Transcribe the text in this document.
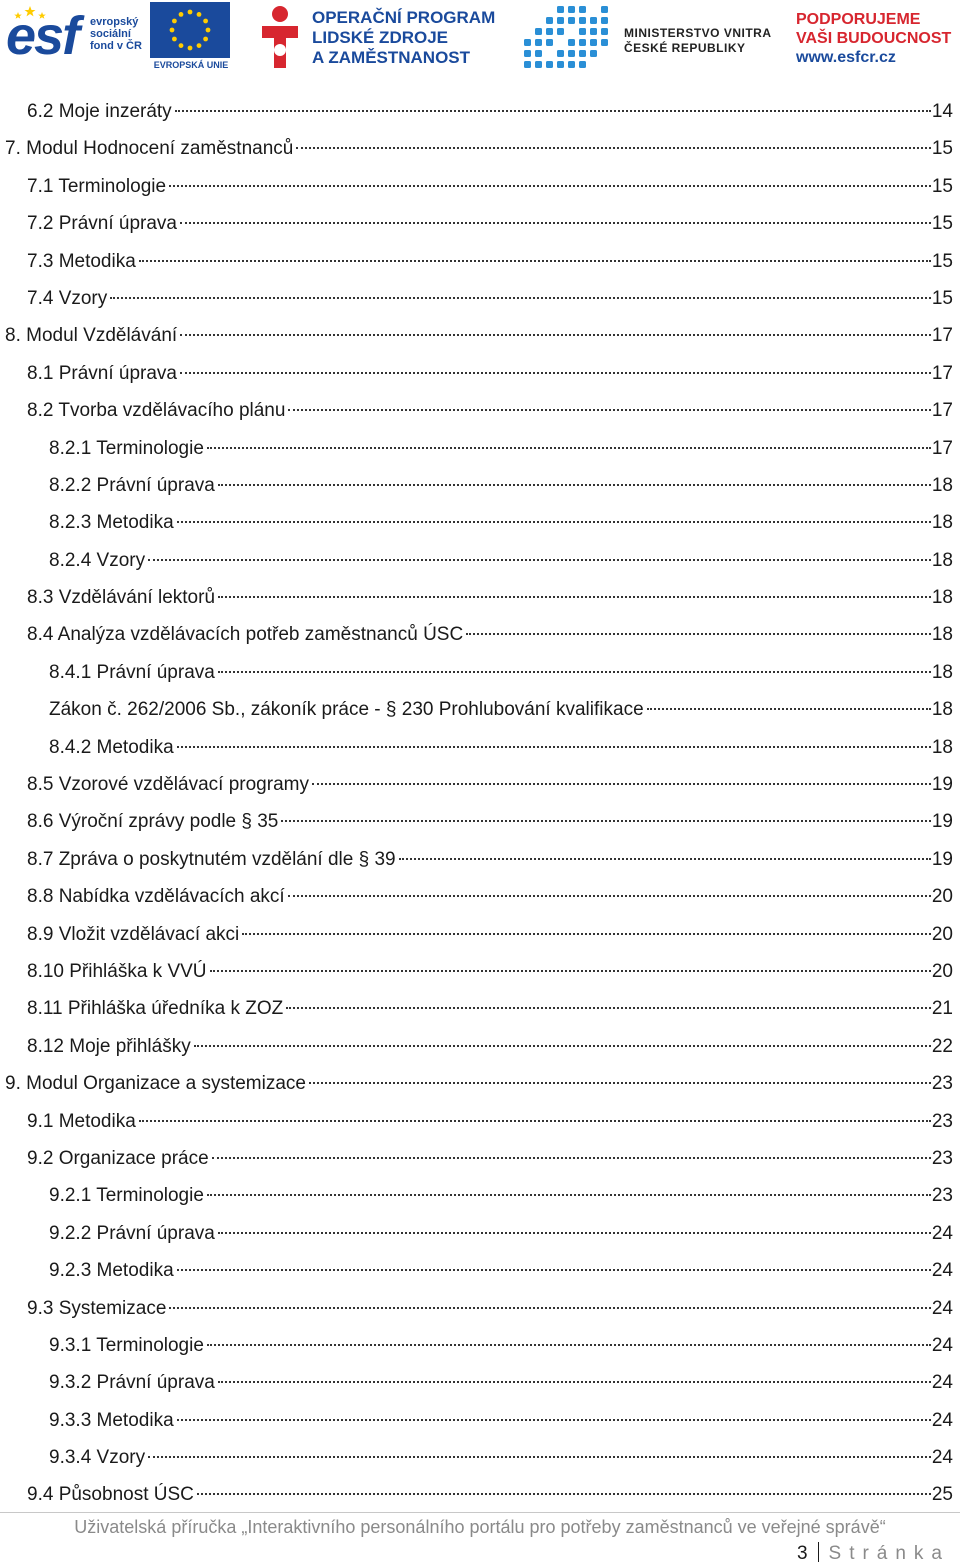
esf evropský sociální fond v ČR
EVROPSKÁ UNIE
OPERAČNÍ PROGRAM
LIDSKÉ ZDROJE
A ZAMĚSTNANOST
MINISTERSTVO VNITRA
ČESKÉ REPUBLIKY
PODPORUJEME
VAŠI BUDOUCNOST
www.esfcr.cz
6.2 Moje inzeráty	14
7. Modul Hodnocení zaměstnanců	15
7.1 Terminologie	15
7.2 Právní úprava	15
7.3 Metodika	15
7.4 Vzory	15
8. Modul Vzdělávání	17
8.1 Právní úprava	17
8.2 Tvorba vzdělávacího plánu	17
8.2.1 Terminologie	17
8.2.2 Právní úprava	18
8.2.3 Metodika	18
8.2.4 Vzory	18
8.3 Vzdělávání lektorů	18
8.4 Analýza vzdělávacích potřeb zaměstnanců ÚSC	18
8.4.1 Právní úprava	18
Zákon č. 262/2006 Sb., zákoník práce - § 230 Prohlubování kvalifikace	18
8.4.2 Metodika	18
8.5 Vzorové vzdělávací programy	19
8.6 Výroční zprávy podle § 35	19
8.7 Zpráva o poskytnutém vzdělání dle § 39	19
8.8 Nabídka vzdělávacích akcí	20
8.9 Vložit vzdělávací akci	20
8.10 Přihláška k VVÚ	20
8.11 Přihláška úředníka k ZOZ	21
8.12 Moje přihlášky	22
9. Modul Organizace a systemizace	23
9.1 Metodika	23
9.2 Organizace práce	23
9.2.1 Terminologie	23
9.2.2 Právní úprava	24
9.2.3 Metodika	24
9.3 Systemizace	24
9.3.1 Terminologie	24
9.3.2 Právní úprava	24
9.3.3 Metodika	24
9.3.4 Vzory	24
9.4 Působnost ÚSC	25
Uživatelská příručka „Interaktivního personálního portálu pro potřeby zaměstnanců ve veřejné správě“
3 Stránka
